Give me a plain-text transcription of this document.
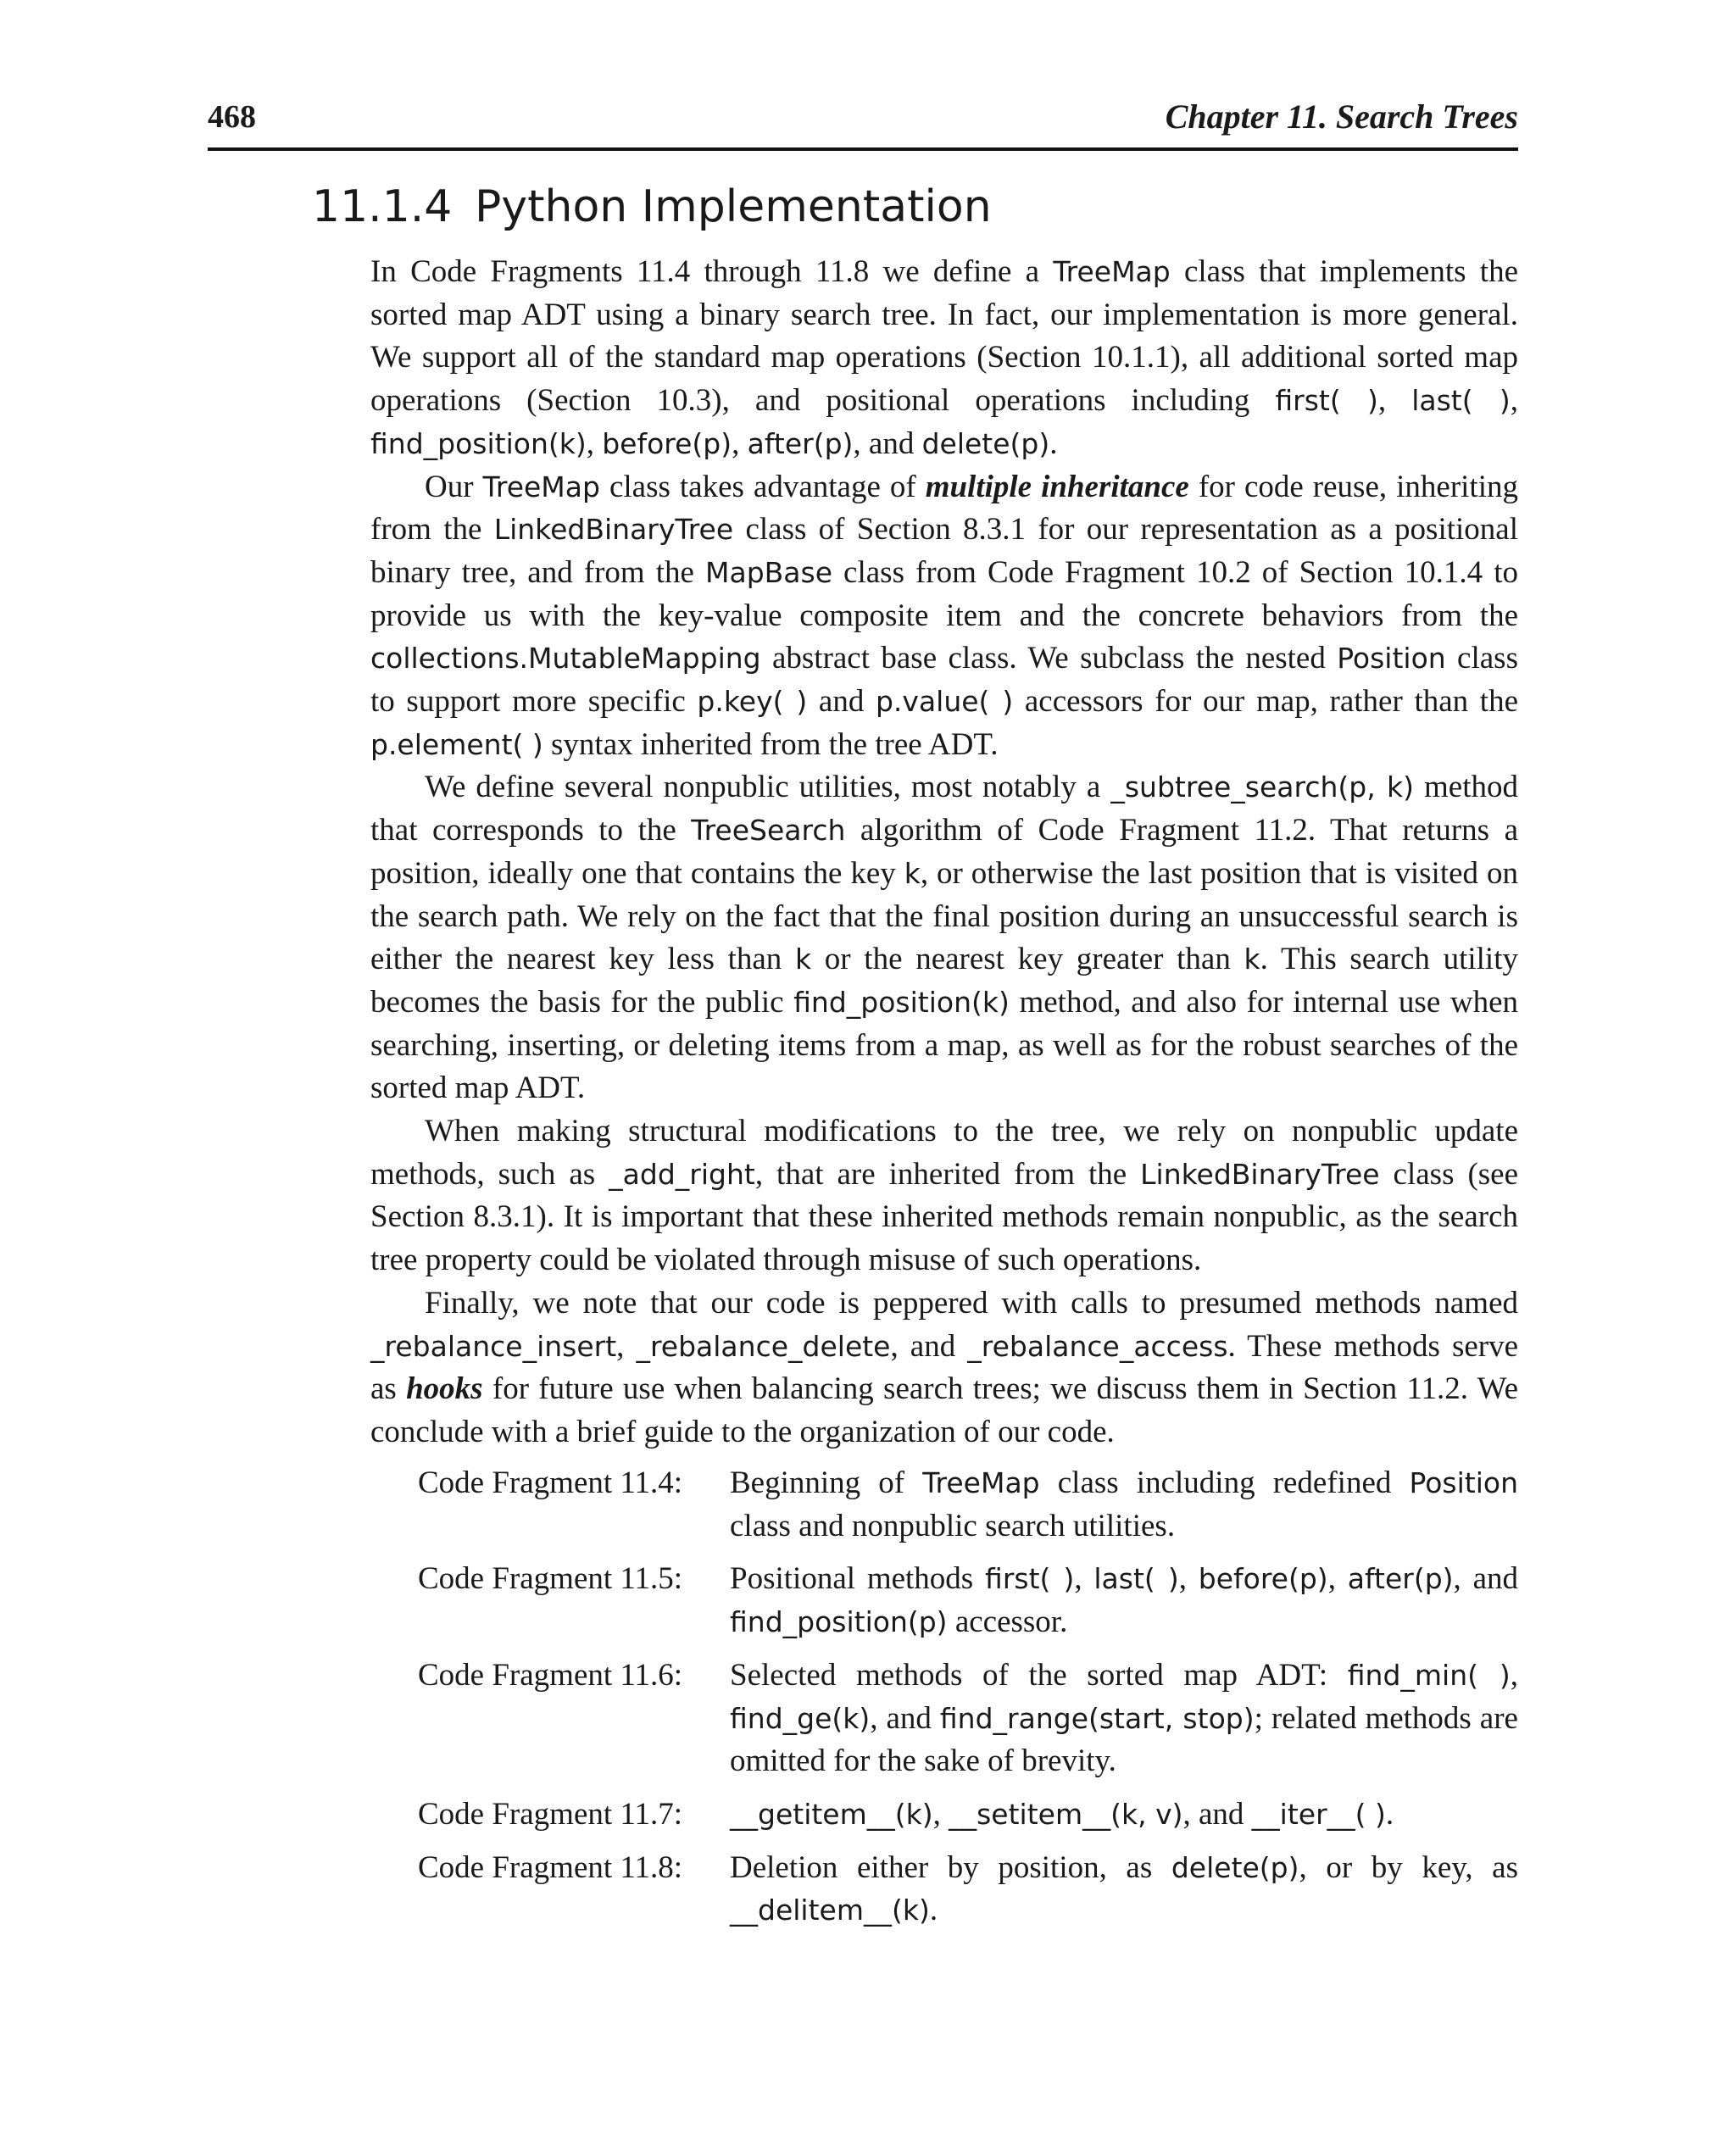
468	Chapter 11. Search Trees
11.1.4 Python Implementation

In Code Fragments 11.4 through 11.8 we define a TreeMap class that implements the sorted map ADT using a binary search tree. In fact, our implementation is more general. We support all of the standard map operations (Section 10.1.1), all additional sorted map operations (Section 10.3), and positional operations including first( ), last( ), find_position(k), before(p), after(p), and delete(p).

Our TreeMap class takes advantage of multiple inheritance for code reuse, inheriting from the LinkedBinaryTree class of Section 8.3.1 for our representation as a positional binary tree, and from the MapBase class from Code Fragment 10.2 of Section 10.1.4 to provide us with the key-value composite item and the concrete behaviors from the collections.MutableMapping abstract base class. We subclass the nested Position class to support more specific p.key( ) and p.value( ) accessors for our map, rather than the p.element( ) syntax inherited from the tree ADT.

We define several nonpublic utilities, most notably a _subtree_search(p, k) method that corresponds to the TreeSearch algorithm of Code Fragment 11.2. That returns a position, ideally one that contains the key k, or otherwise the last position that is visited on the search path. We rely on the fact that the final position during an unsuccessful search is either the nearest key less than k or the nearest key greater than k. This search utility becomes the basis for the public find_position(k) method, and also for internal use when searching, inserting, or deleting items from a map, as well as for the robust searches of the sorted map ADT.

When making structural modifications to the tree, we rely on nonpublic update methods, such as _add_right, that are inherited from the LinkedBinaryTree class (see Section 8.3.1). It is important that these inherited methods remain nonpublic, as the search tree property could be violated through misuse of such operations.

Finally, we note that our code is peppered with calls to presumed methods named _rebalance_insert, _rebalance_delete, and _rebalance_access. These methods serve as hooks for future use when balancing search trees; we discuss them in Section 11.2. We conclude with a brief guide to the organization of our code.

Code Fragment 11.4:	Beginning of TreeMap class including redefined Position class and nonpublic search utilities.
Code Fragment 11.5:	Positional methods first( ), last( ), before(p), after(p), and find_position(p) accessor.
Code Fragment 11.6:	Selected methods of the sorted map ADT: find_min( ), find_ge(k), and find_range(start, stop); related methods are omitted for the sake of brevity.
Code Fragment 11.7:	__getitem__(k), __setitem__(k, v), and __iter__( ).
Code Fragment 11.8:	Deletion either by position, as delete(p), or by key, as __delitem__(k).
